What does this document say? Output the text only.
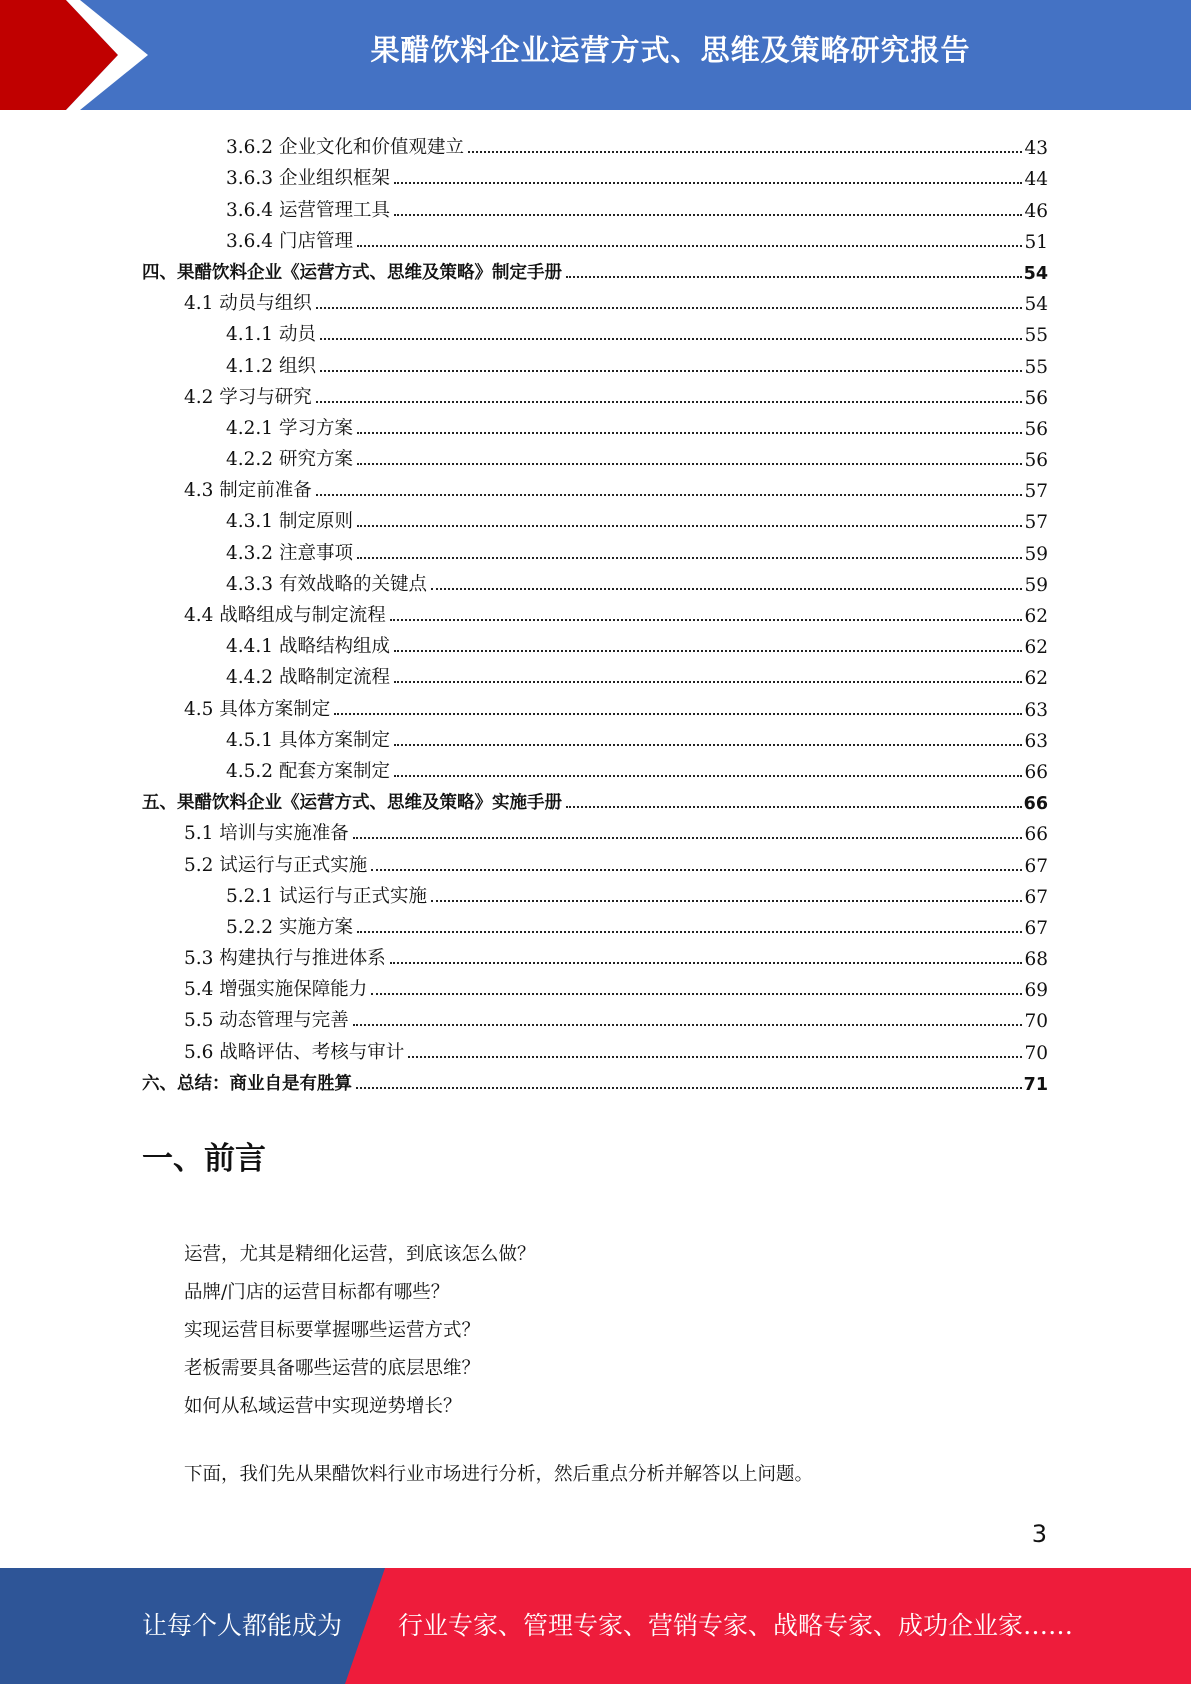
果醋饮料企业运营方式、思维及策略研究报告
3.6.2 企业文化和价值观建立	43
3.6.3 企业组织框架	44
3.6.4 运营管理工具	46
3.6.4 门店管理	51
四、果醋饮料企业《运营方式、思维及策略》制定手册	54
4.1 动员与组织	54
4.1.1 动员	55
4.1.2 组织	55
4.2 学习与研究	56
4.2.1 学习方案	56
4.2.2 研究方案	56
4.3 制定前准备	57
4.3.1 制定原则	57
4.3.2 注意事项	59
4.3.3 有效战略的关键点	59
4.4 战略组成与制定流程	62
4.4.1 战略结构组成	62
4.4.2 战略制定流程	62
4.5 具体方案制定	63
4.5.1 具体方案制定	63
4.5.2 配套方案制定	66
五、果醋饮料企业《运营方式、思维及策略》实施手册	66
5.1 培训与实施准备	66
5.2 试运行与正式实施	67
5.2.1 试运行与正式实施	67
5.2.2 实施方案	67
5.3 构建执行与推进体系	68
5.4 增强实施保障能力	69
5.5 动态管理与完善	70
5.6 战略评估、考核与审计	70
六、总结：商业自是有胜算	71
一、前言
运营，尤其是精细化运营，到底该怎么做？
品牌/门店的运营目标都有哪些？
实现运营目标要掌握哪些运营方式？
老板需要具备哪些运营的底层思维？
如何从私域运营中实现逆势增长？
下面，我们先从果醋饮料行业市场进行分析，然后重点分析并解答以上问题。
3
让每个人都能成为 行业专家、管理专家、营销专家、战略专家、成功企业家……
